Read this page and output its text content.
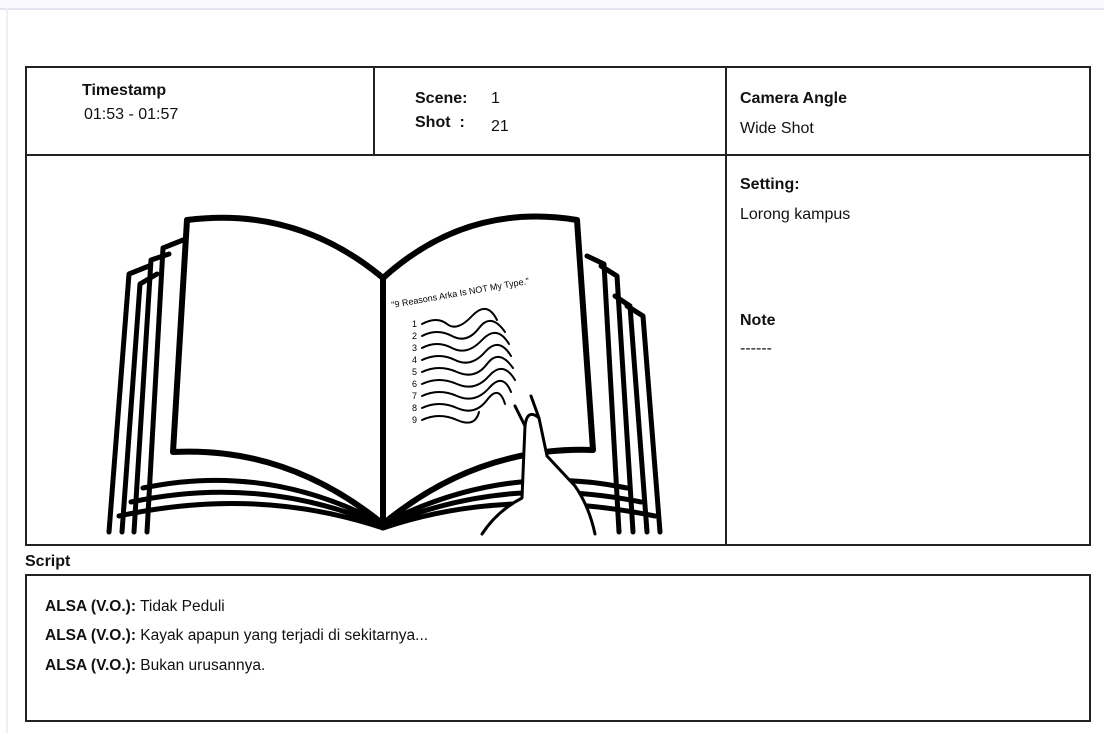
Timestamp
01:53 - 01:57
Scene: 1
Shot  : 21
Camera Angle
Wide Shot
"9 Reasons Arka Is NOT My Type."
1
2
3
4
5
6
7
8
9
Setting:
Lorong kampus
Note
------
Script
ALSA (V.O.): Tidak Peduli
ALSA (V.O.): Kayak apapun yang terjadi di sekitarnya...
ALSA (V.O.): Bukan urusannya.
